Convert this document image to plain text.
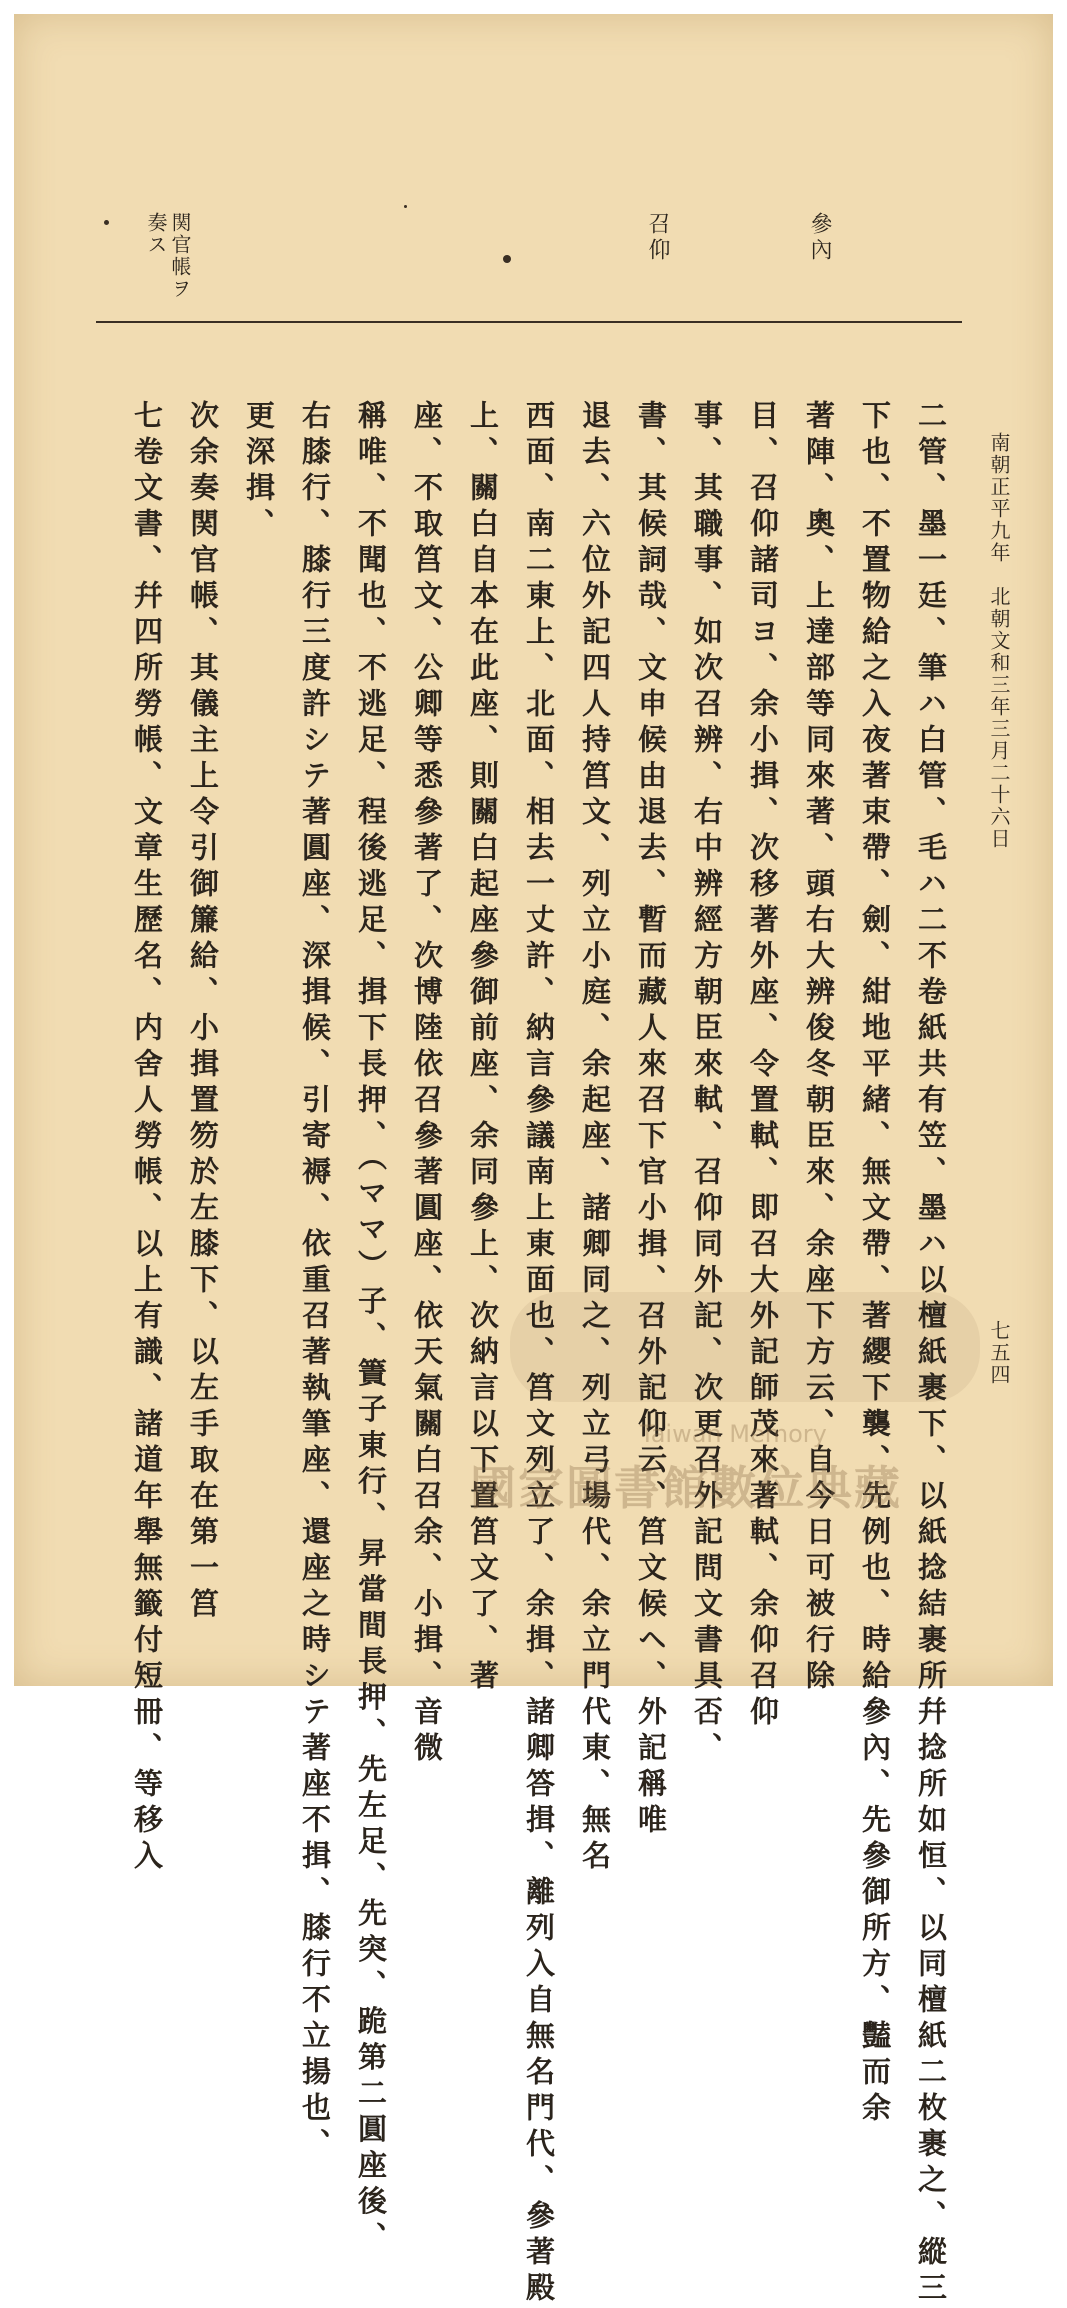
南朝正平九年　北朝文和三年三月二十六日
七五四
參內
召仰
関官帳ヲ奏ス
二管、墨一廷、筆ハ白管、毛ハ二不卷紙共有笠、墨ハ以檀紙裹下、以紙捻結裹所幷捻所如恒、以同檀紙二枚裹之、縱三
下也、不置物給之入夜著束帶、劍、紺地平緒、無文帶、著纓下襲、先例也、時給參內、先參御所方、豔而余
著陣、奧、上達部等同來著、頭右大辨俊冬朝臣來、余座下方云、自今日可被行除
目、召仰諸司ヨ、余小揖、次移著外座、令置軾、即召大外記師茂來著軾、余仰召仰
事、其職事、如次召辨、右中辨經方朝臣來軾、召仰同外記、次更召外記問文書具否、
書、其候詞哉、文申候由退去、暫而藏人來召下官小揖、召外記仰云、筥文候ヘ、外記稱唯
退去、六位外記四人持筥文、列立小庭、余起座、諸卿同之、列立弓場代、余立門代東、無名
西面、南二東上、北面、相去一丈許、納言參議南上東面也、筥文列立了、余揖、諸卿答揖、離列入自無名門代、參著殿
上、關白自本在此座、則關白起座參御前座、余同參上、次納言以下置筥文了、著
座、不取筥文、公卿等悉參著了、次博陸依召參著圓座、依天氣關白召余、小揖、音微
稱唯、不聞也、不逃足、程後逃足、揖下長押、（ママ）子、簀子東行、昇當間長押、先左足、先突、跪第二圓座後、
右膝行、膝行三度許シテ著圓座、深揖候、引寄褥、依重召著執筆座、還座之時シテ著座不揖、膝行不立揚也、
更深揖、
次余奏関官帳、其儀主上令引御簾給、小揖置笏於左膝下、以左手取在第一筥
七卷文書、幷四所勞帳、文章生歷名、内舍人勞帳、以上有識、諸道年舉無籤付短冊、等移入	Taiwan Memory
國家圖書館數位典藏
